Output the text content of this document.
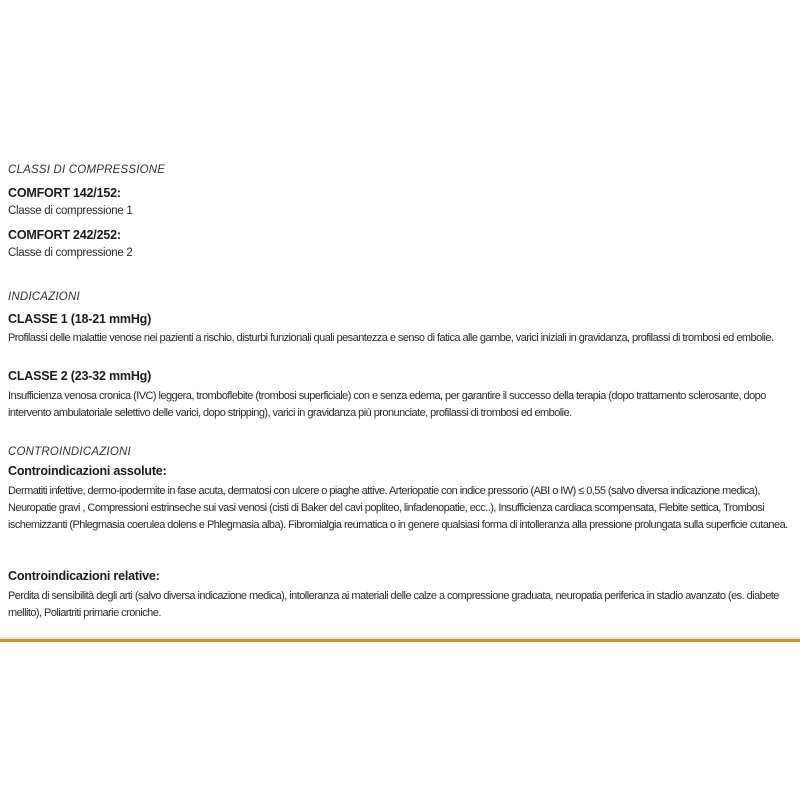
CLASSI DI COMPRESSIONE
COMFORT 142/152:
Classe di compressione 1
COMFORT 242/252:
Classe di compressione 2
INDICAZIONI
CLASSE 1 (18-21 mmHg)
Profilassi delle malattie venose nei pazienti a rischio, disturbi funzionali quali pesantezza e senso di fatica alle gambe, varici iniziali in gravidanza, profilassi di trombosi ed embolie.
CLASSE 2 (23-32 mmHg)
Insufficienza venosa cronica (IVC) leggera, tromboflebite (trombosi superficiale) con e senza edema, per garantire il successo della terapia (dopo trattamento sclerosante, dopo intervento ambulatoriale selettivo delle varici, dopo stripping), varici in gravidanza più pronunciate, profilassi di trombosi ed embolie.
CONTROINDICAZIONI
Controindicazioni assolute:
Dermatiti infettive, dermo-ipodermite in fase acuta, dermatosi con ulcere o piaghe attive. Arteriopatie con indice pressorio (ABI o IW) ≤ 0,55 (salvo diversa indicazione medica), Neuropatie gravi , Compressioni estrinseche sui vasi venosi (cisti di Baker del cavi popliteo, linfadenopatie, ecc..), Insufficienza cardiaca scompensata, Flebite settica, Trombosi ischemizzanti (Phlegmasia coerulea dolens e Phlegmasia alba). Fibromialgia reumatica o in genere qualsiasi forma di intolleranza alla pressione prolungata sulla superficie cutanea.
Controindicazioni relative:
Perdita di sensibilità degli arti (salvo diversa indicazione medica), intolleranza ai materiali delle calze a compressione graduata, neuropatia periferica in stadio avanzato (es. diabete mellito), Poliartriti primarie croniche.
